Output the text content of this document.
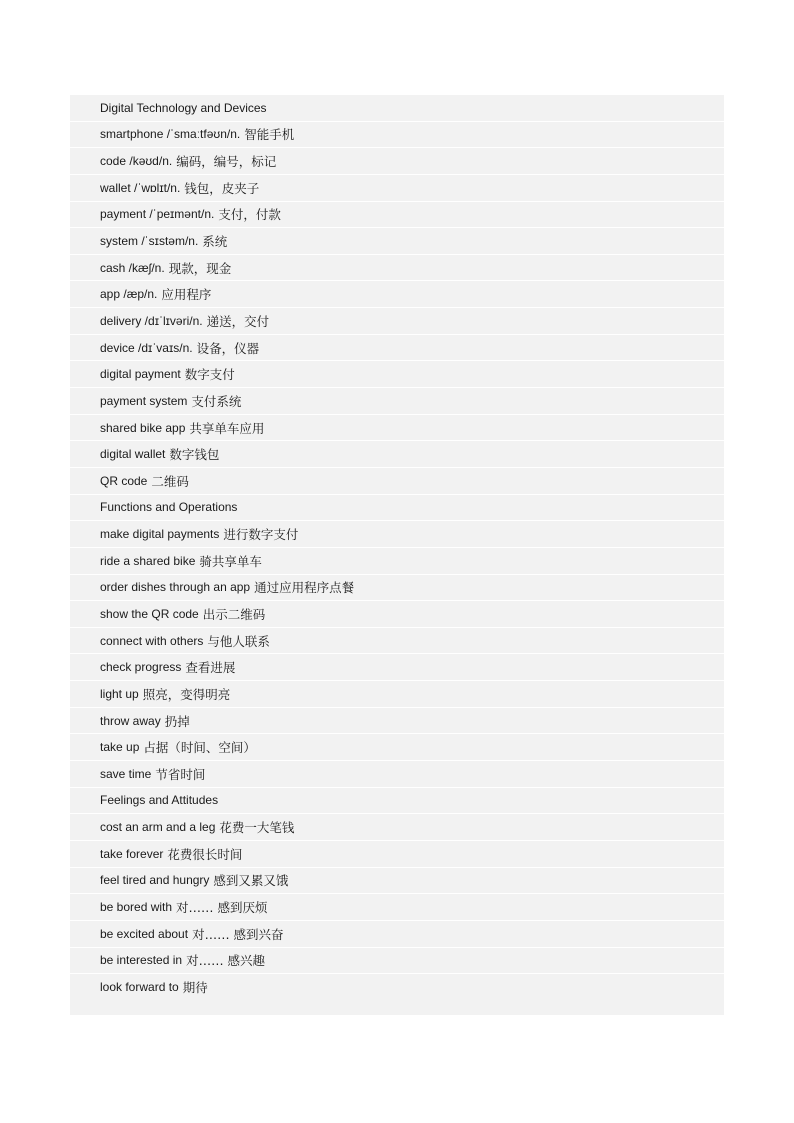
Digital Technology and Devices
smartphone /ˈsmaːtfəʊn/n. 智能手机
code /kəʊd/n. 编码，编号，标记
wallet /ˈwɒlɪt/n. 钱包，皮夹子
payment /ˈpeɪmənt/n. 支付，付款
system /ˈsɪstəm/n. 系统
cash /kæʃ/n. 现款，现金
app /æp/n. 应用程序
delivery /dɪˈlɪvəri/n. 递送，交付
device /dɪˈvaɪs/n. 设备，仪器
digital payment 数字支付
payment system 支付系统
shared bike app 共享单车应用
digital wallet 数字钱包
QR code 二维码
Functions and Operations
make digital payments 进行数字支付
ride a shared bike 骑共享单车
order dishes through an app 通过应用程序点餐
show the QR code 出示二维码
connect with others 与他人联系
check progress 查看进展
light up 照亮，变得明亮
throw away 扔掉
take up 占据（时间、空间）
save time 节省时间
Feelings and Attitudes
cost an arm and a leg 花费一大笔钱
take forever 花费很长时间
feel tired and hungry 感到又累又饿
be bored with 对…… 感到厌烦
be excited about 对…… 感到兴奋
be interested in 对…… 感兴趣
look forward to 期待
